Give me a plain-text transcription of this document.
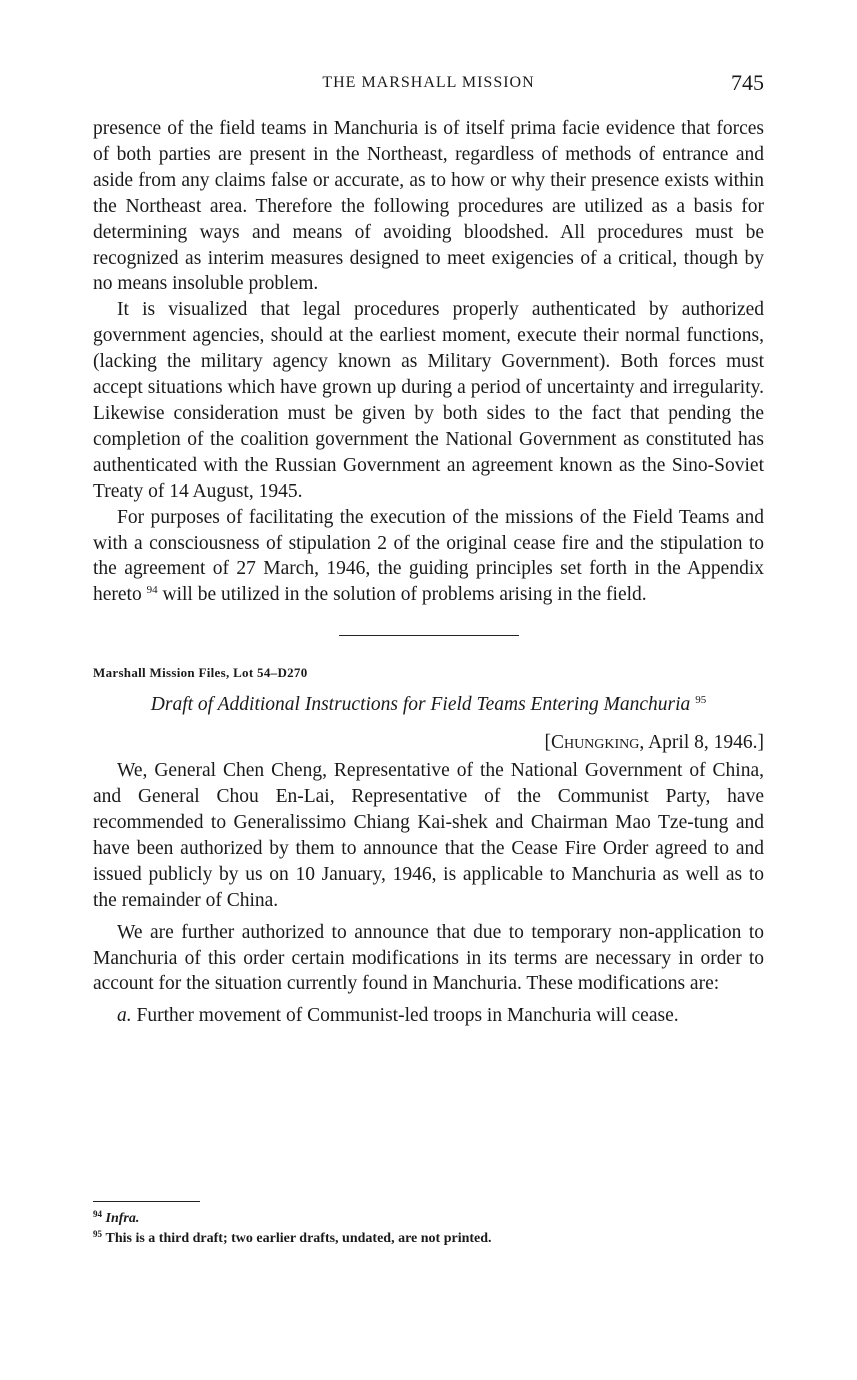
THE MARSHALL MISSION	745

presence of the field teams in Manchuria is of itself prima facie evidence that forces of both parties are present in the Northeast, regardless of methods of entrance and aside from any claims false or accurate, as to how or why their presence exists within the Northeast area. Therefore the following procedures are utilized as a basis for determining ways and means of avoiding bloodshed. All procedures must be recognized as interim measures designed to meet exigencies of a critical, though by no means insoluble problem.

It is visualized that legal procedures properly authenticated by authorized government agencies, should at the earliest moment, execute their normal functions, (lacking the military agency known as Military Government). Both forces must accept situations which have grown up during a period of uncertainty and irregularity. Likewise consideration must be given by both sides to the fact that pending the completion of the coalition government the National Government as constituted has authenticated with the Russian Government an agreement known as the Sino-Soviet Treaty of 14 August, 1945.

For purposes of facilitating the execution of the missions of the Field Teams and with a consciousness of stipulation 2 of the original cease fire and the stipulation to the agreement of 27 March, 1946, the guiding principles set forth in the Appendix hereto $^{94}$ will be utilized in the solution of problems arising in the field.

Marshall Mission Files, Lot 54–D270
Draft of Additional Instructions for Field Teams Entering Manchuria $^{95}$
[Chungking, April 8, 1946.]

We, General Chen Cheng, Representative of the National Government of China, and General Chou En-Lai, Representative of the Communist Party, have recommended to Generalissimo Chiang Kai-shek and Chairman Mao Tze-tung and have been authorized by them to announce that the Cease Fire Order agreed to and issued publicly by us on 10 January, 1946, is applicable to Manchuria as well as to the remainder of China.

We are further authorized to announce that due to temporary non-application to Manchuria of this order certain modifications in its terms are necessary in order to account for the situation currently found in Manchuria. These modifications are:

a. Further movement of Communist-led troops in Manchuria will cease.

$^{94}$ Infra.
$^{95}$ This is a third draft; two earlier drafts, undated, are not printed.
